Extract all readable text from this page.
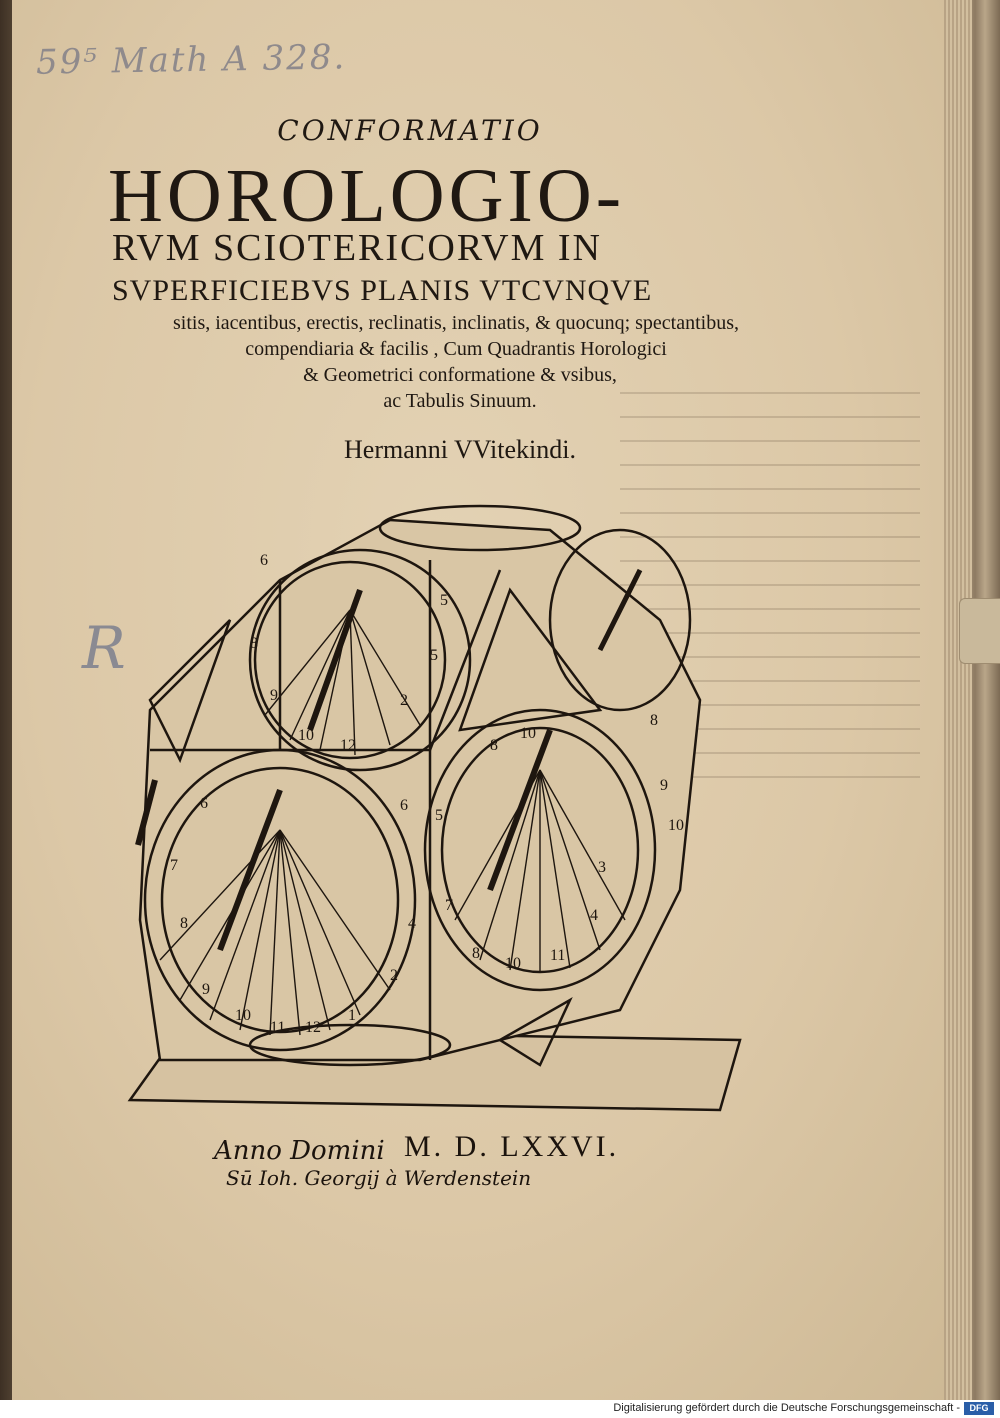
59⁵ Math A 328.
R
CONFORMATIO
HOROLOGIO-
RVM SCIOTERICORVM IN
SVPERFICIEBVS PLANIS VTCVNQVE
sitis, iacentibus, erectis, reclinatis, inclinatis, & quocunq; spectantibus,
compendiaria & facilis , Cum Quadrantis Horologici
& Geometrici conformatione & vsibus,
ac Tabulis Sinuum.
Hermanni VVitekindi.
6
7
8
9
10
11 12
1
2
4
6
6
8
9
10
12
2
5
5
5
7
8
10 11
3
4
8
10
8
9
10
Anno Domini M. D. LXXVI.
Sū Ioh. Georgij à Werdenstein
Digitalisierung gefördert durch die Deutsche Forschungsgemeinschaft -	DFG
